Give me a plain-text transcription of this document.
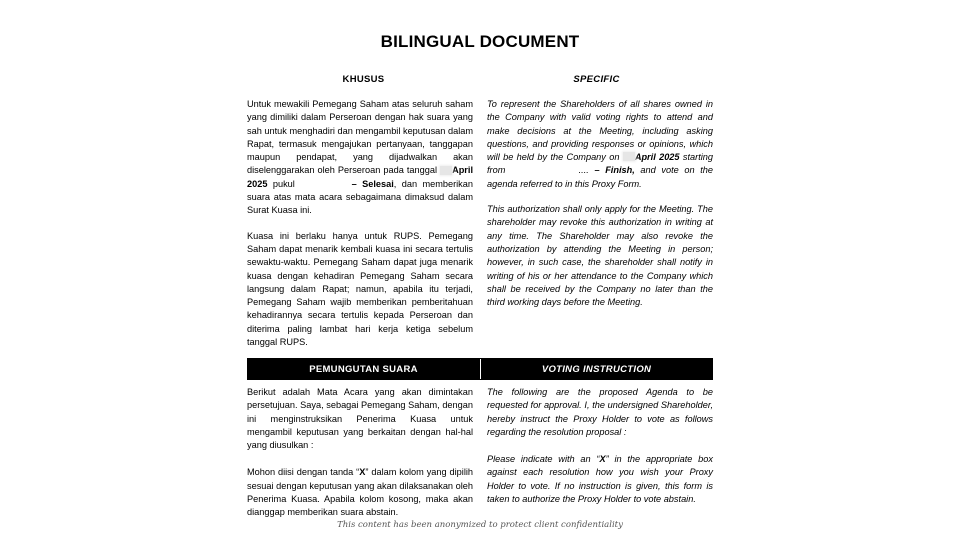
BILINGUAL DOCUMENT
KHUSUS	SPECIFIC

Untuk mewakili Pemegang Saham atas seluruh saham yang dimiliki dalam Perseroan dengan hak suara yang sah untuk menghadiri dan mengambil keputusan dalam Rapat, termasuk mengajukan pertanyaan, tanggapan maupun pendapat, yang dijadwalkan akan diselenggarakan oleh Perseroan pada tanggal April 2025 pukul	– Selesai, dan memberikan suara atas mata acara sebagaimana dimaksud dalam Surat Kuasa ini.

Kuasa ini berlaku hanya untuk RUPS. Pemegang Saham dapat menarik kembali kuasa ini secara tertulis sewaktu-waktu. Pemegang Saham dapat juga menarik kuasa dengan kehadiran Pemegang Saham secara langsung dalam Rapat; namun, apabila itu terjadi, Pemegang Saham wajib memberikan pemberitahuan kehadirannya secara tertulis kepada Perseroan dan diterima paling lambat hari kerja ketiga sebelum tanggal RUPS.

To represent the Shareholders of all shares owned in the Company with valid voting rights to attend and make decisions at the Meeting, including asking questions, and providing responses or opinions, which will be held by the Company on April 2025 starting from	.... – Finish, and vote on the agenda referred to in this Proxy Form.

This authorization shall only apply for the Meeting. The shareholder may revoke this authorization in writing at any time. The Shareholder may also revoke the authorization by attending the Meeting in person; however, in such case, the shareholder shall notify in writing of his or her attendance to the Company which shall be received by the Company no later than the third working days before the Meeting.

PEMUNGUTAN SUARA	VOTING INSTRUCTION

Berikut adalah Mata Acara yang akan dimintakan persetujuan. Saya, sebagai Pemegang Saham, dengan ini menginstruksikan Penerima Kuasa untuk mengambil keputusan yang berkaitan dengan hal-hal yang diusulkan :

Mohon diisi dengan tanda “X” dalam kolom yang dipilih sesuai dengan keputusan yang akan dilaksanakan oleh Penerima Kuasa. Apabila kolom kosong, maka akan dianggap memberikan suara abstain.

The following are the proposed Agenda to be requested for approval. I, the undersigned Shareholder, hereby instruct the Proxy Holder to vote as follows regarding the resolution proposal :

Please indicate with an “X” in the appropriate box against each resolution how you wish your Proxy Holder to vote. If no instruction is given, this form is taken to authorize the Proxy Holder to vote abstain.

This content has been anonymized to protect client confidentiality
